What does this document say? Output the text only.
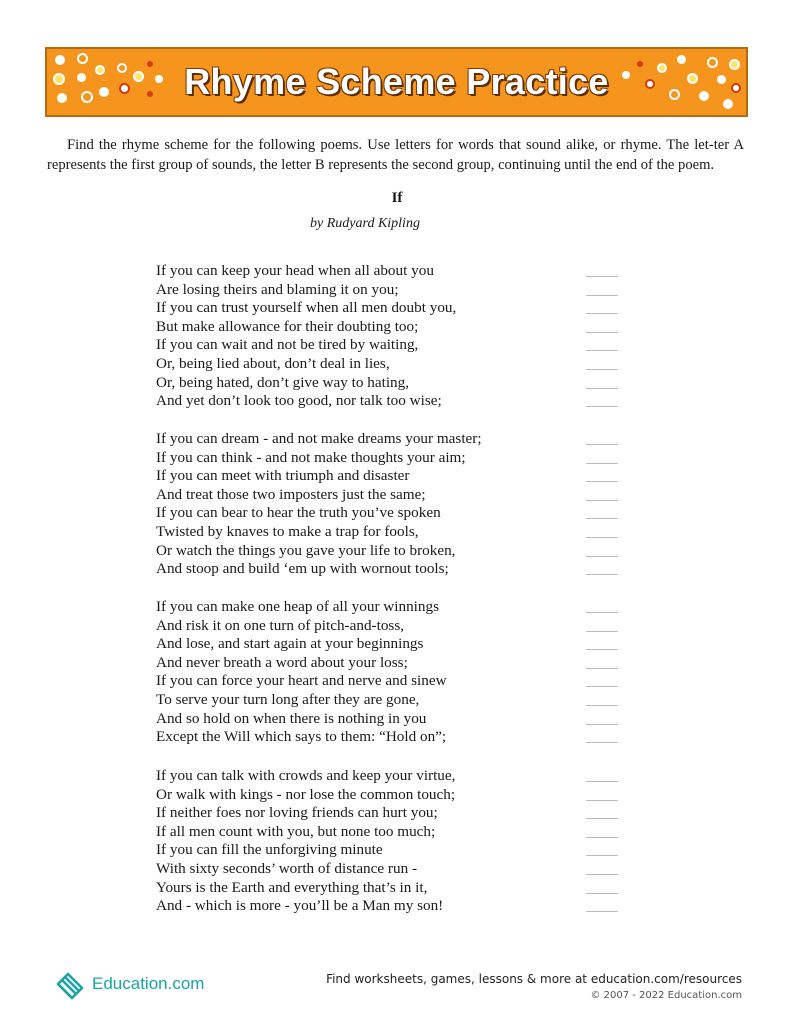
Rhyme Scheme Practice

Find the rhyme scheme for the following poems. Use letters for words that sound alike, or rhyme. The let-ter A represents the first group of sounds, the letter B represents the second group, continuing until the end of the poem.

If
by Rudyard Kipling
If you can keep your head when all about you
Are losing theirs and blaming it on you;
If you can trust yourself when all men doubt you,
But make allowance for their doubting too;
If you can wait and not be tired by waiting,
Or, being lied about, don’t deal in lies,
Or, being hated, don’t give way to hating,
And yet don’t look too good, nor talk too wise;
If you can dream - and not make dreams your master;
If you can think - and not make thoughts your aim;
If you can meet with triumph and disaster
And treat those two imposters just the same;
If you can bear to hear the truth you’ve spoken
Twisted by knaves to make a trap for fools,
Or watch the things you gave your life to broken,
And stoop and build ‘em up with wornout tools;
If you can make one heap of all your winnings
And risk it on one turn of pitch-and-toss,
And lose, and start again at your beginnings
And never breath a word about your loss;
If you can force your heart and nerve and sinew
To serve your turn long after they are gone,
And so hold on when there is nothing in you
Except the Will which says to them: “Hold on”;
If you can talk with crowds and keep your virtue,
Or walk with kings - nor lose the common touch;
If neither foes nor loving friends can hurt you;
If all men count with you, but none too much;
If you can fill the unforgiving minute
With sixty seconds’ worth of distance run -
Yours is the Earth and everything that’s in it,
And - which is more - you’ll be a Man my son!
Education.com	Find worksheets, games, lessons & more at education.com/resources
© 2007 - 2022 Education.com
